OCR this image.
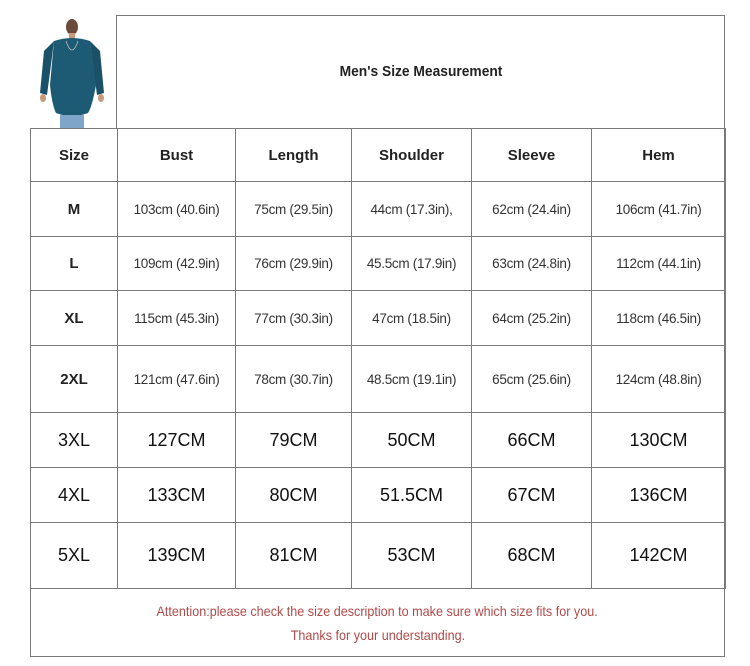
Men's Size Measurement
Size	Bust	Length	Shoulder	Sleeve	Hem
M	103cm (40.6in)	75cm (29.5in)	44cm (17.3in),	62cm (24.4in)	106cm (41.7in)
L	109cm (42.9in)	76cm (29.9in)	45.5cm (17.9in)	63cm (24.8in)	112cm (44.1in)
XL	115cm (45.3in)	77cm (30.3in)	47cm (18.5in)	64cm (25.2in)	118cm (46.5in)
2XL	121cm (47.6in)	78cm (30.7in)	48.5cm (19.1in)	65cm (25.6in)	124cm (48.8in)
3XL	127CM	79CM	50CM	66CM	130CM
4XL	133CM	80CM	51.5CM	67CM	136CM
5XL	139CM	81CM	53CM	68CM	142CM
Attention:please check the size description to make sure which size fits for you.
Thanks for your understanding.
